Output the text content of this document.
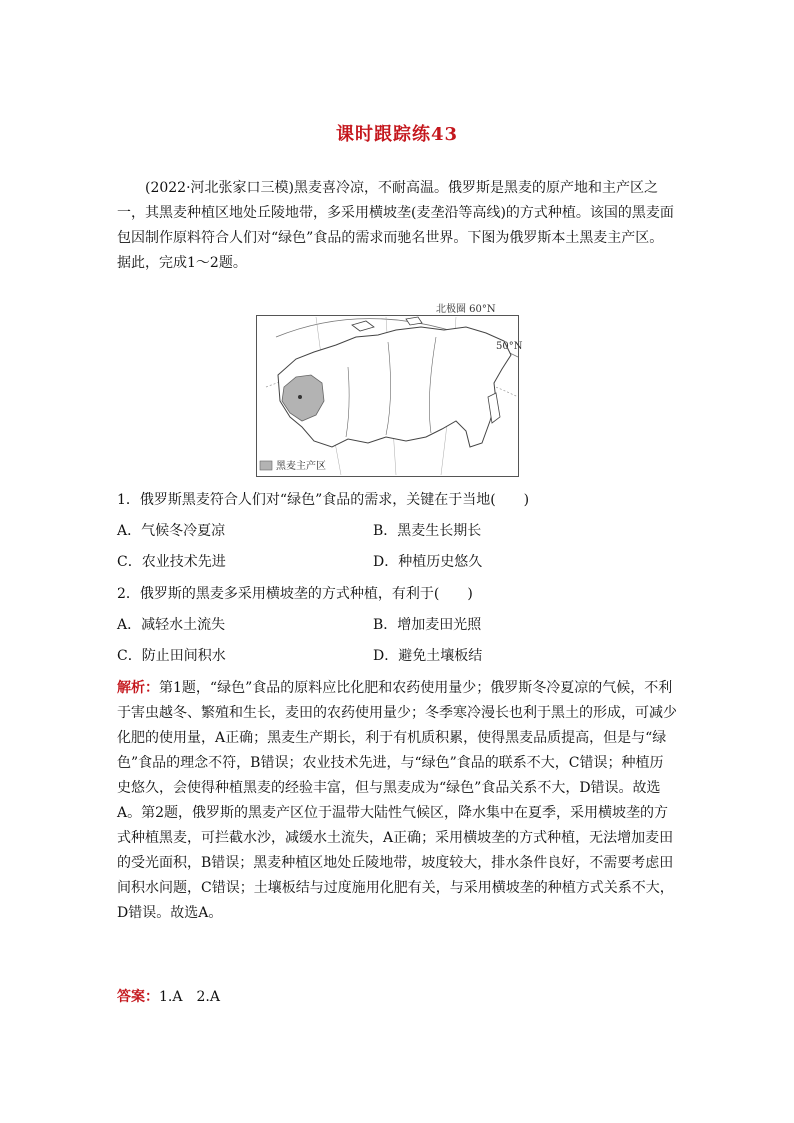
课时跟踪练43
(2022·河北张家口三模)黑麦喜冷凉，不耐高温。俄罗斯是黑麦的原产地和主产区之一，其黑麦种植区地处丘陵地带，多采用横坡垄(麦垄沿等高线)的方式种植。该国的黑麦面包因制作原料符合人们对“绿色”食品的需求而驰名世界。下图为俄罗斯本土黑麦主产区。据此，完成1～2题。
北极圈 60°N
50°N
黑麦主产区
1．俄罗斯黑麦符合人们对“绿色”食品的需求，关键在于当地(　　)
A．气候冬冷夏凉	B．黑麦生长期长
C．农业技术先进	D．种植历史悠久
2．俄罗斯的黑麦多采用横坡垄的方式种植，有利于(　　)
A．减轻水土流失	B．增加麦田光照
C．防止田间积水	D．避免土壤板结
解析：第1题，“绿色”食品的原料应比化肥和农药使用量少；俄罗斯冬冷夏凉的气候，不利于害虫越冬、繁殖和生长，麦田的农药使用量少；冬季寒冷漫长也利于黑土的形成，可减少化肥的使用量，A正确；黑麦生产期长，利于有机质积累，使得黑麦品质提高，但是与“绿色”食品的理念不符，B错误；农业技术先进，与“绿色”食品的联系不大，C错误；种植历史悠久，会使得种植黑麦的经验丰富，但与黑麦成为“绿色”食品关系不大，D错误。故选A。第2题，俄罗斯的黑麦产区位于温带大陆性气候区，降水集中在夏季，采用横坡垄的方式种植黑麦，可拦截水沙，减缓水土流失，A正确；采用横坡垄的方式种植，无法增加麦田的受光面积，B错误；黑麦种植区地处丘陵地带，坡度较大，排水条件良好，不需要考虑田间积水问题，C错误；土壤板结与过度施用化肥有关，与采用横坡垄的种植方式关系不大，D错误。故选A。
答案：1.A　2.A
